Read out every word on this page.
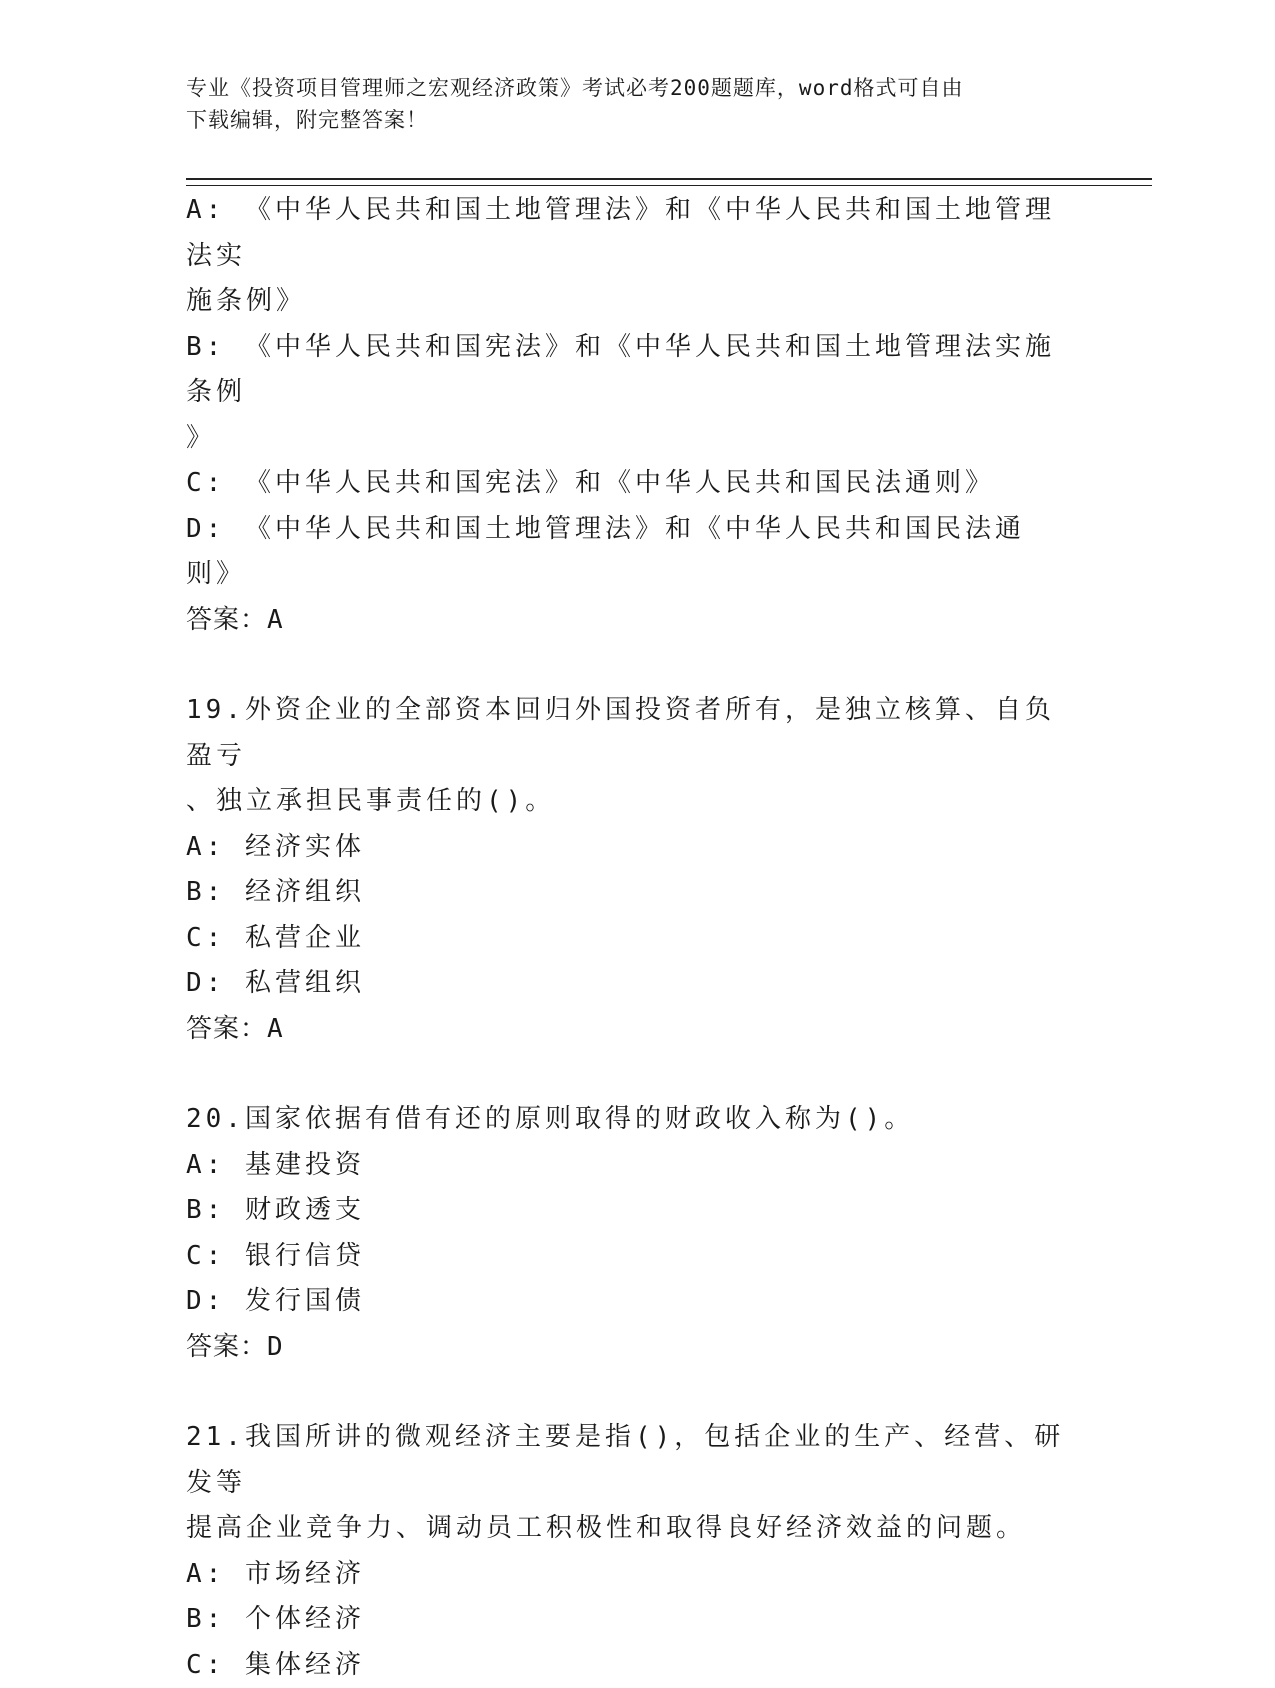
专业《投资项目管理师之宏观经济政策》考试必考200题题库，word格式可自由
下载编辑，附完整答案！

A: 《中华人民共和国土地管理法》和《中华人民共和国土地管理法实

施条例》

B: 《中华人民共和国宪法》和《中华人民共和国土地管理法实施条例

》

C: 《中华人民共和国宪法》和《中华人民共和国民法通则》

D: 《中华人民共和国土地管理法》和《中华人民共和国民法通则》

答案：A

19.外资企业的全部资本回归外国投资者所有，是独立核算、自负盈亏

、独立承担民事责任的()。

A: 经济实体

B: 经济组织

C: 私营企业

D: 私营组织

答案：A

20.国家依据有借有还的原则取得的财政收入称为()。

A: 基建投资

B: 财政透支

C: 银行信贷

D: 发行国债

答案：D

21.我国所讲的微观经济主要是指()，包括企业的生产、经营、研发等

提高企业竞争力、调动员工积极性和取得良好经济效益的问题。

A: 市场经济

B: 个体经济

C: 集体经济
